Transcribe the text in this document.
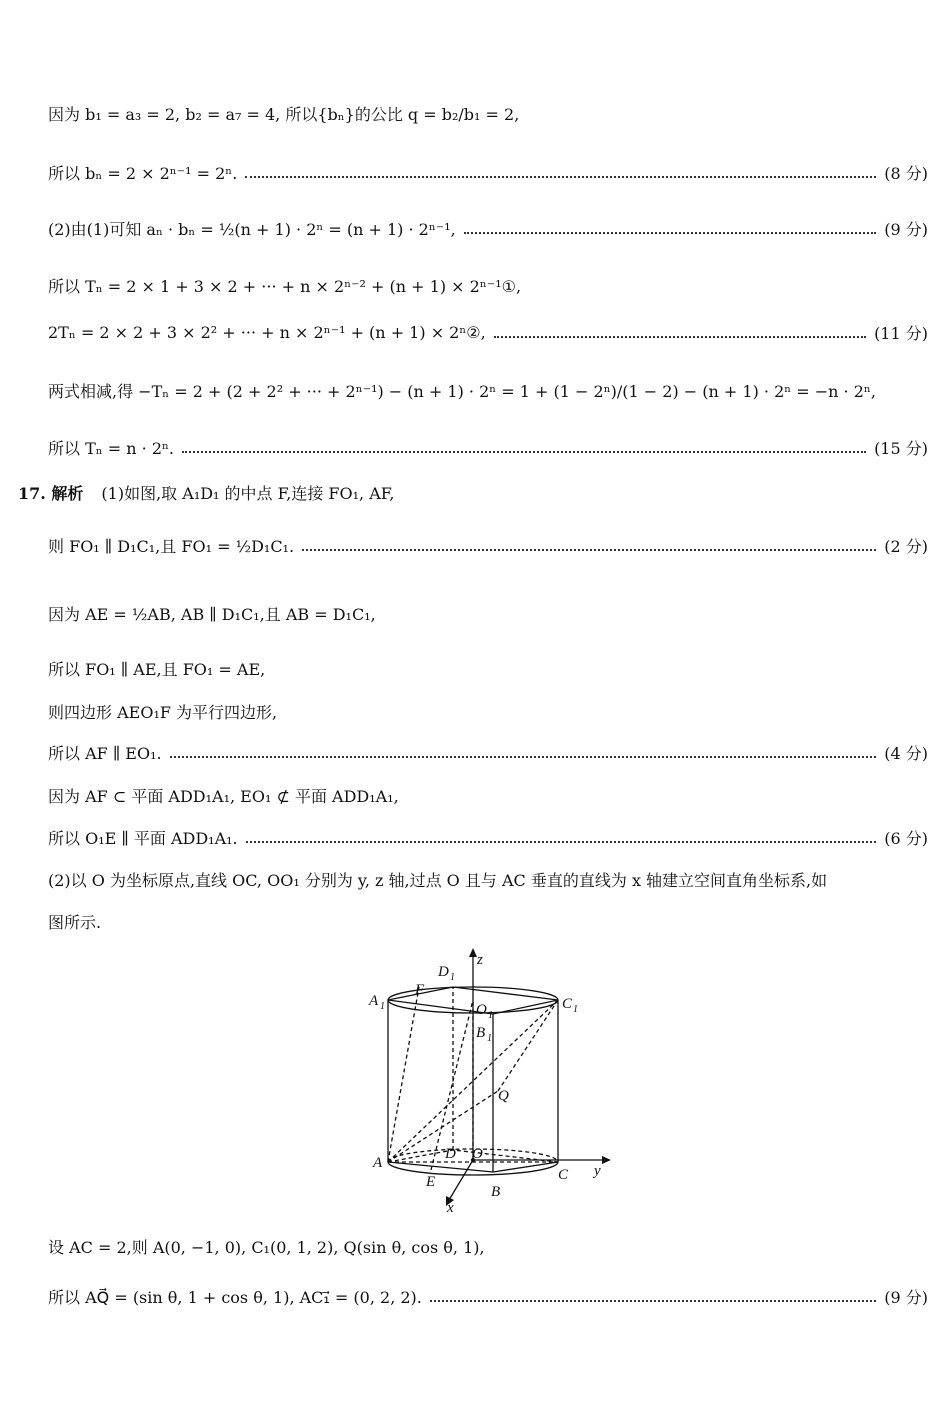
因为 b₁ = a₃ = 2, b₂ = a₇ = 4, 所以{bₙ}的公比 q = b₂/b₁ = 2,
所以 bₙ = 2 × 2ⁿ⁻¹ = 2ⁿ.	(8 分)
(2)由(1)可知 aₙ · bₙ = ½(n + 1) · 2ⁿ = (n + 1) · 2ⁿ⁻¹,	(9 分)
所以 Tₙ = 2 × 1 + 3 × 2 + ··· + n × 2ⁿ⁻² + (n + 1) × 2ⁿ⁻¹①,
2Tₙ = 2 × 2 + 3 × 2² + ··· + n × 2ⁿ⁻¹ + (n + 1) × 2ⁿ②,	(11 分)
两式相减,得 −Tₙ = 2 + (2 + 2² + ··· + 2ⁿ⁻¹) − (n + 1) · 2ⁿ = 1 + (1 − 2ⁿ)/(1 − 2) − (n + 1) · 2ⁿ = −n · 2ⁿ,
所以 Tₙ = n · 2ⁿ.	(15 分)
17. 解析 (1)如图,取 A₁D₁ 的中点 F,连接 FO₁, AF,
则 FO₁ ∥ D₁C₁,且 FO₁ = ½D₁C₁.	(2 分)
因为 AE = ½AB, AB ∥ D₁C₁,且 AB = D₁C₁,
所以 FO₁ ∥ AE,且 FO₁ = AE,
则四边形 AEO₁F 为平行四边形,
所以 AF ∥ EO₁.	(4 分)
因为 AF ⊂ 平面 ADD₁A₁, EO₁ ⊄ 平面 ADD₁A₁,
所以 O₁E ∥ 平面 ADD₁A₁.	(6 分)
(2)以 O 为坐标原点,直线 OC, OO₁ 分别为 y, z 轴,过点 O 且与 AC 垂直的直线为 x 轴建立空间直角坐标系,如
图所示.
A 1
D 1
F
z
O 1
C 1
B 1
Q
A
D O
C y
E
B
x
设 AC = 2,则 A(0, −1, 0), C₁(0, 1, 2), Q(sin θ, cos θ, 1),
所以 AQ⃗ = (sin θ, 1 + cos θ, 1), AC₁⃗ = (0, 2, 2).	(9 分)
